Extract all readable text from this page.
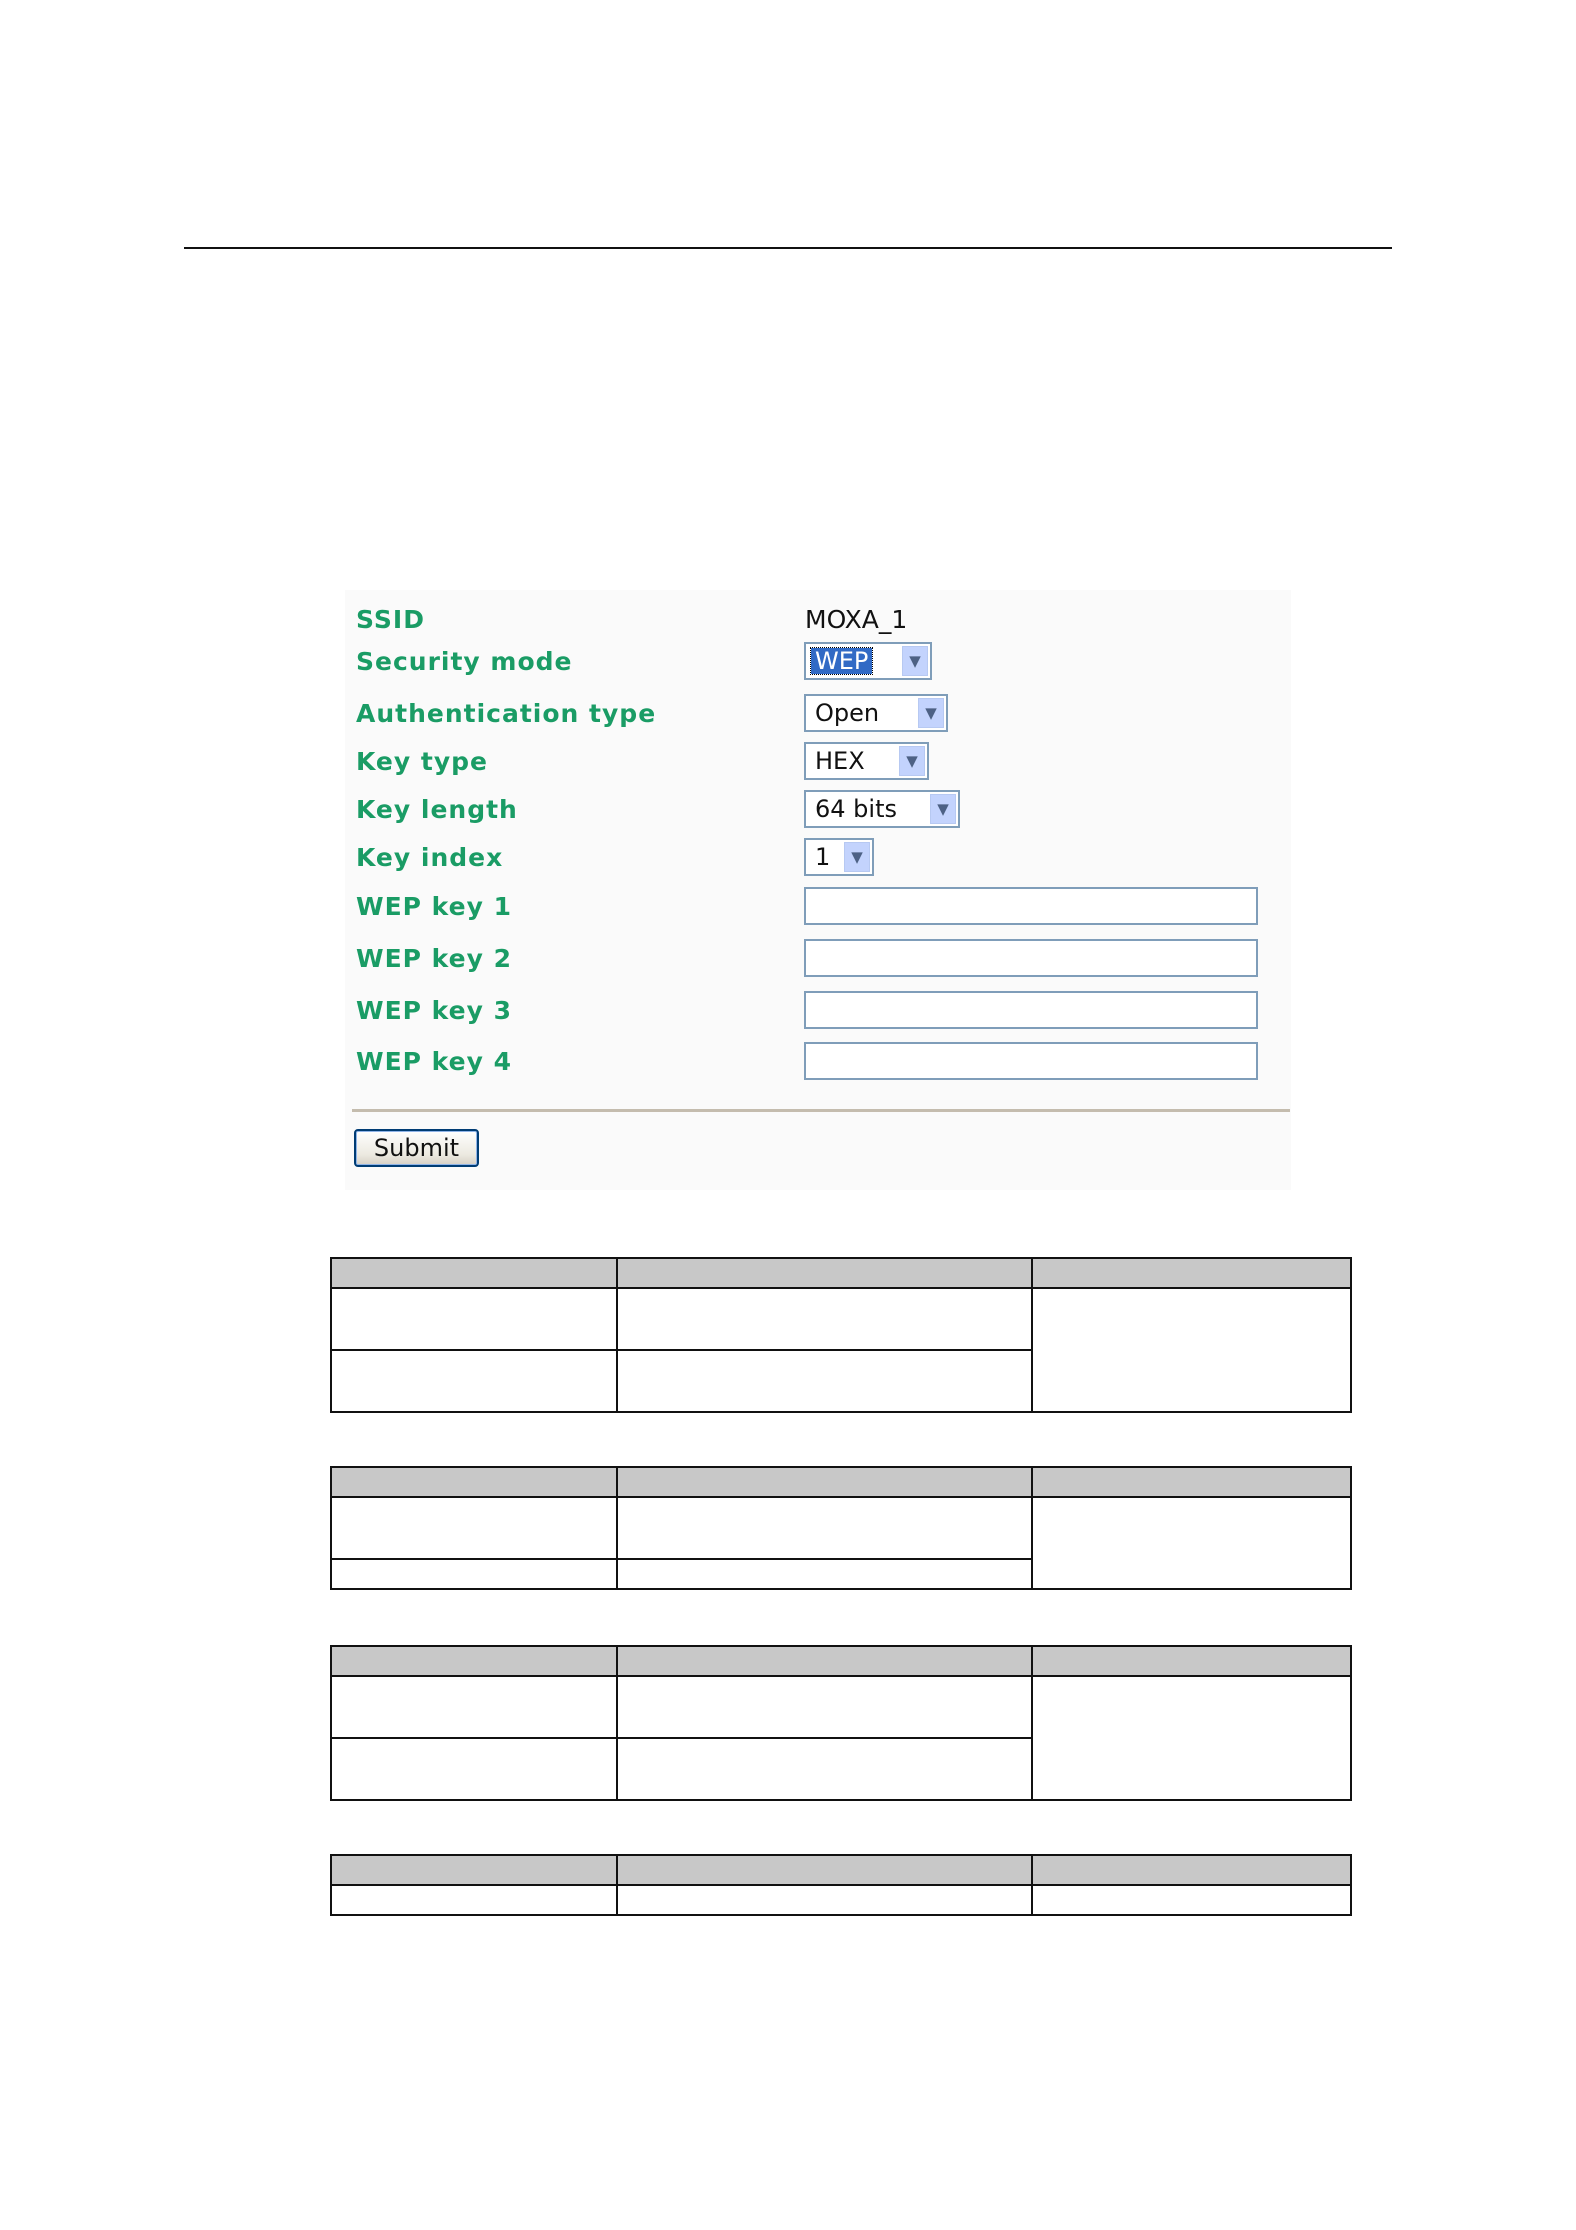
SSID	MOXA_1
Security mode	WEP	▼
Authentication type	Open	▼
Key type	HEX	▼
Key length	64 bits	▼
Key index	1	▼
WEP key 1
WEP key 2
WEP key 3
WEP key 4
Submit
